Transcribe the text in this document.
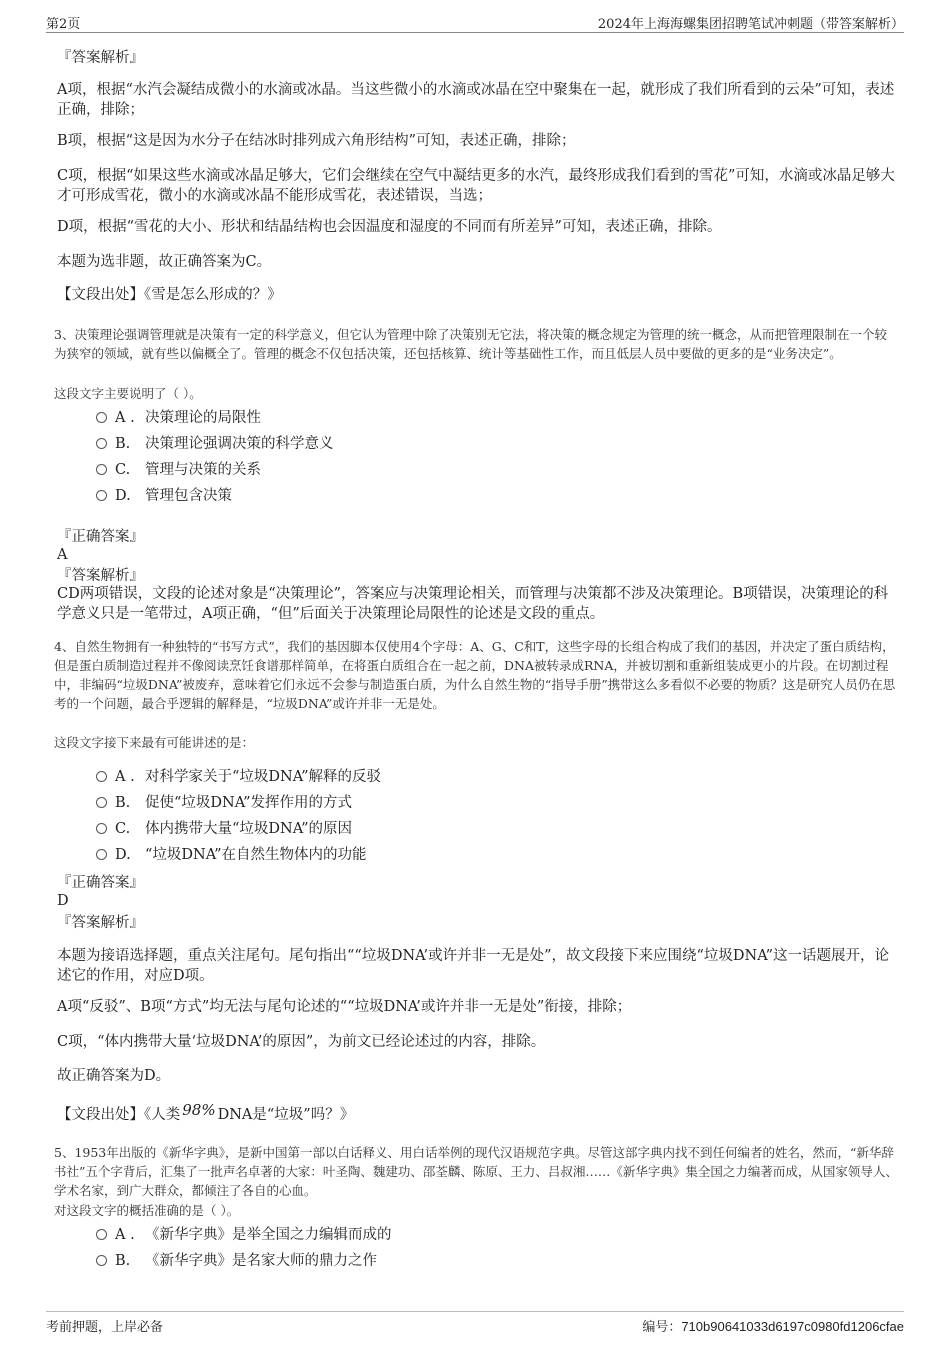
第2页	2024年上海海螺集团招聘笔试冲刺题（带答案解析）
『答案解析』
A项，根据“水汽会凝结成微小的水滴或冰晶。当这些微小的水滴或冰晶在空中聚集在一起，就形成了我们所看到的云朵”可知，表述正确，排除；
B项，根据“这是因为水分子在结冰时排列成六角形结构”可知，表述正确，排除；
C项，根据“如果这些水滴或冰晶足够大，它们会继续在空气中凝结更多的水汽，最终形成我们看到的雪花”可知，水滴或冰晶足够大才可形成雪花，微小的水滴或冰晶不能形成雪花，表述错误，当选；
D项，根据“雪花的大小、形状和结晶结构也会因温度和湿度的不同而有所差异”可知，表述正确，排除。
本题为选非题，故正确答案为C。
【文段出处】《雪是怎么形成的？》
3、决策理论强调管理就是决策有一定的科学意义，但它认为管理中除了决策别无它法，将决策的概念规定为管理的统一概念，从而把管理限制在一个较为狭窄的领域，就有些以偏概全了。管理的概念不仅包括决策，还包括核算、统计等基础性工作，而且低层人员中要做的更多的是“业务决定”。
这段文字主要说明了（ ）。
A . 决策理论的局限性
B. 决策理论强调决策的科学意义
C. 管理与决策的关系
D. 管理包含决策
『正确答案』
A
『答案解析』
CD两项错误，文段的论述对象是“决策理论”，答案应与决策理论相关，而管理与决策都不涉及决策理论。B项错误，决策理论的科学意义只是一笔带过，A项正确，“但”后面关于决策理论局限性的论述是文段的重点。
4、自然生物拥有一种独特的“书写方式”，我们的基因脚本仅使用4个字母：A、G、C和T，这些字母的长组合构成了我们的基因，并决定了蛋白质结构，但是蛋白质制造过程并不像阅读烹饪食谱那样简单，在将蛋白质组合在一起之前，DNA被转录成RNA，并被切割和重新组装成更小的片段。在切割过程中，非编码“垃圾DNA”被废弃，意味着它们永远不会参与制造蛋白质，为什么自然生物的“指导手册”携带这么多看似不必要的物质？这是研究人员仍在思考的一个问题，最合乎逻辑的解释是，“垃圾DNA”或许并非一无是处。
这段文字接下来最有可能讲述的是：
A . 对科学家关于“垃圾DNA”解释的反驳
B. 促使“垃圾DNA”发挥作用的方式
C. 体内携带大量“垃圾DNA”的原因
D. “垃圾DNA”在自然生物体内的功能
『正确答案』
D
『答案解析』
本题为接语选择题，重点关注尾句。尾句指出““垃圾DNA’或许并非一无是处”，故文段接下来应围绕“垃圾DNA”这一话题展开，论述它的作用，对应D项。
A项“反驳”、B项“方式”均无法与尾句论述的““垃圾DNA’或许并非一无是处”衔接，排除；
C项，“体内携带大量‘垃圾DNA’的原因”，为前文已经论述过的内容，排除。
故正确答案为D。
【文段出处】《人类 98% DNA是“垃圾”吗？》
5、1953年出版的《新华字典》，是新中国第一部以白话释义、用白话举例的现代汉语规范字典。尽管这部字典内找不到任何编者的姓名，然而，“新华辞书社”五个字背后，汇集了一批声名卓著的大家：叶圣陶、魏建功、邵荃麟、陈原、王力、吕叔湘……《新华字典》集全国之力编著而成，从国家领导人、学术名家，到广大群众，都倾注了各自的心血。
对这段文字的概括准确的是（ ）。
A . 《新华字典》是举全国之力编辑而成的
B. 《新华字典》是名家大师的鼎力之作
考前押题，上岸必备	编号：710b90641033d6197c0980fd1206cfae
